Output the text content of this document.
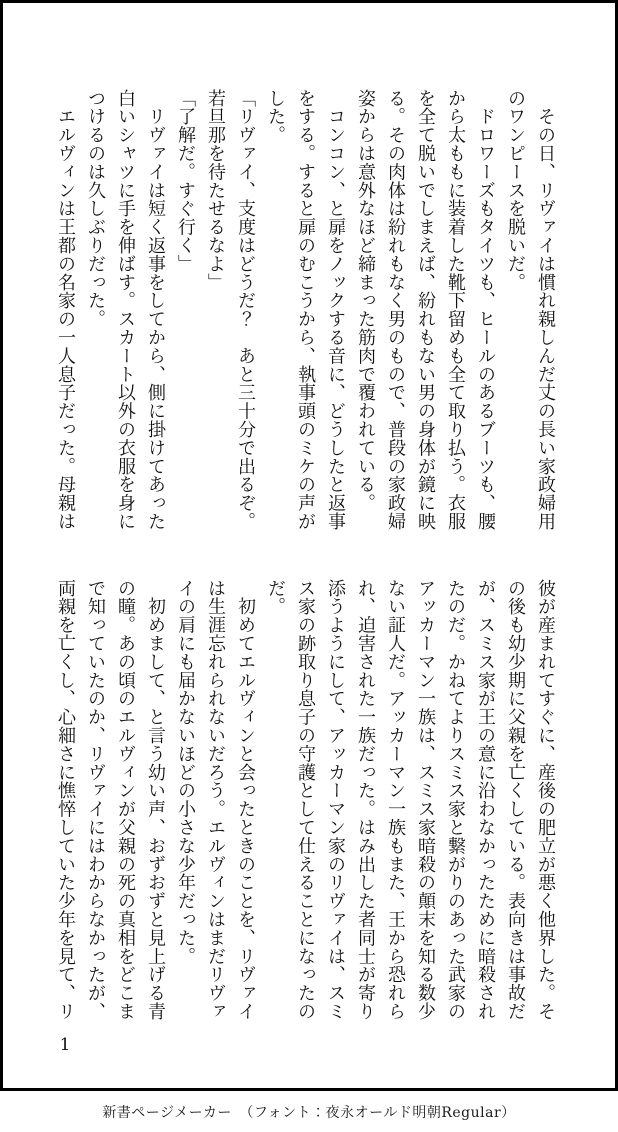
　その日、リヴァイは慣れ親しんだ丈の長い家政婦用
のワンピースを脱いだ。
　ドロワーズもタイツも、ヒールのあるブーツも、腰
から太ももに装着した靴下留めも全て取り払う。衣服
を全て脱いでしまえば、紛れもない男の身体が鏡に映
る。その肉体は紛れもなく男のもので、普段の家政婦
姿からは意外なほど締まった筋肉で覆われている。
　コンコン、と扉をノックする音に、どうしたと返事
をする。すると扉のむこうから、執事頭のミケの声が
した。
「リヴァイ、支度はどうだ？　あと三十分で出るぞ。
若旦那を待たせるなよ」
「了解だ。すぐ行く」
　リヴァイは短く返事をしてから、側に掛けてあった
白いシャツに手を伸ばす。スカート以外の衣服を身に
つけるのは久しぶりだった。
　エルヴィンは王都の名家の一人息子だった。母親は
彼が産まれてすぐに、産後の肥立が悪く他界した。そ
の後も幼少期に父親を亡くしている。表向きは事故だ
が、スミス家が王の意に沿わなかったために暗殺され
たのだ。かねてよりスミス家と繋がりのあった武家の
アッカーマン一族は、スミス家暗殺の顛末を知る数少
ない証人だ。アッカーマン一族もまた、王から恐れら
れ、迫害された一族だった。はみ出した者同士が寄り
添うようにして、アッカーマン家のリヴァイは、スミ
ス家の跡取り息子の守護として仕えることになったの
だ。
　初めてエルヴィンと会ったときのことを、リヴァイ
は生涯忘れられないだろう。エルヴィンはまだリヴァ
イの肩にも届かないほどの小さな少年だった。
　初めまして、と言う幼い声、おずおずと見上げる青
の瞳。あの頃のエルヴィンが父親の死の真相をどこま
で知っていたのか、リヴァイにはわからなかったが、
両親を亡くし、心細さに憔悴していた少年を見て、リ
1
新書ページメーカー　（フォント：夜永オールド明朝Regular）
